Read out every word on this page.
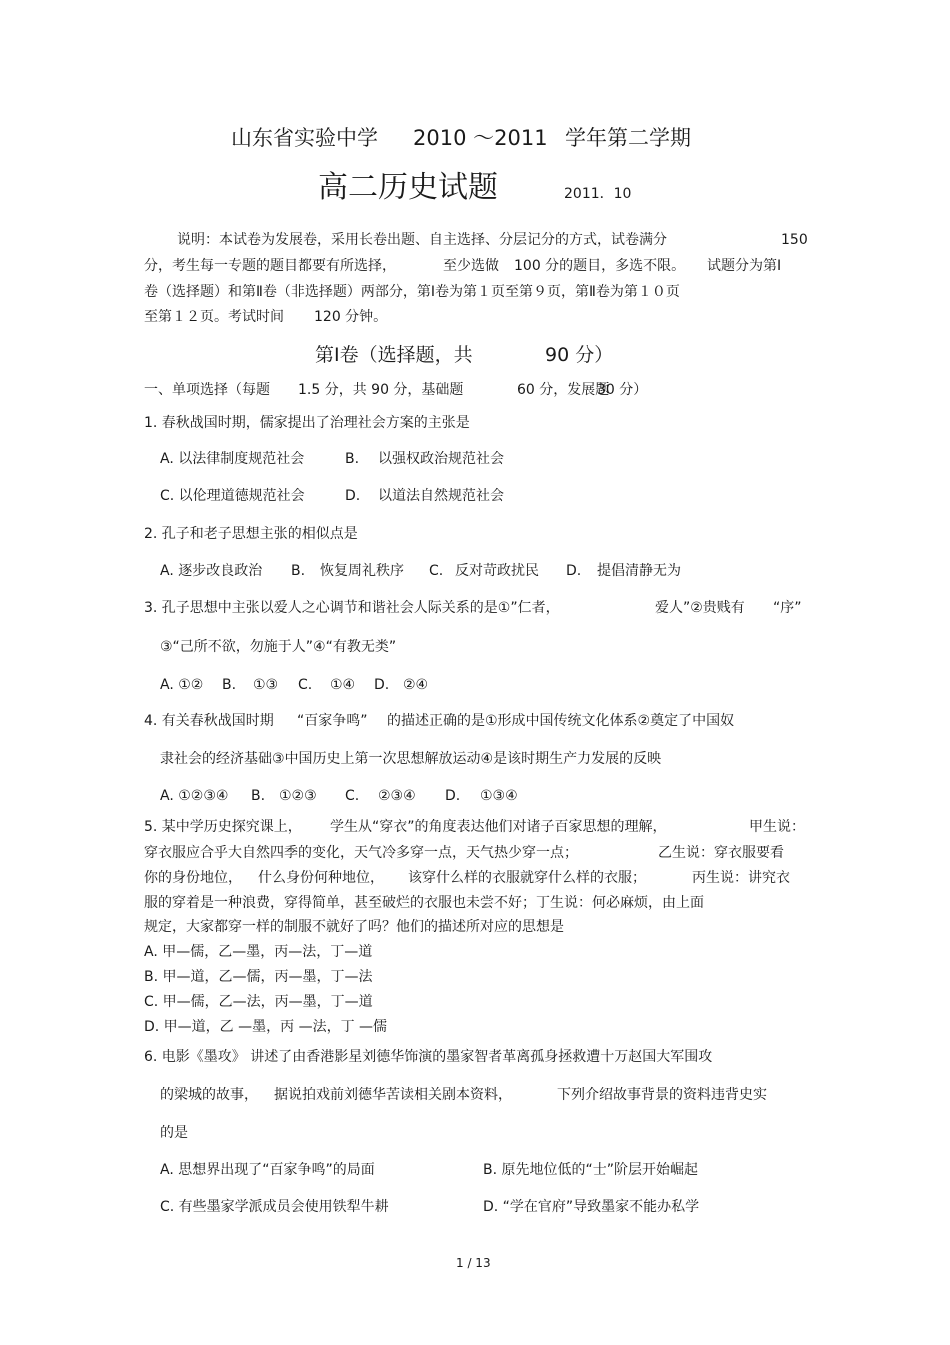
山东省实验中学 2010 ～2011 学年第二学期
高二历史试题	2011．10
说明：本试卷为发展卷，采用长卷出题、自主选择、分层记分的方式，试卷满分	150
分，考生每一专题的题目都要有所选择，	至少选做 100 分的题目，多选不限。 试题分为第Ⅰ
卷（选择题）和第Ⅱ卷（非选择题）两部分，第Ⅰ卷为第１页至第９页，第Ⅱ卷为第１０页
至第１２页。考试时间 120 分钟。
第Ⅰ卷（选择题，共	90 分）
一、单项选择（每题 1.5 分，共 90 分，基础题	60 分，发展题
30 分）
1. 春秋战国时期，儒家提出了治理社会方案的主张是
A. 以法律制度规范社会	B. 以强权政治规范社会
C. 以伦理道德规范社会	D. 以道法自然规范社会
2. 孔子和老子思想主张的相似点是
A. 逐步改良政治 B. 恢复周礼秩序 C. 反对苛政扰民 D. 提倡清静无为
3. 孔子思想中主张以爱人之心调节和谐社会人际关系的是①”仁者，	爱人”②贵贱有 “序”
③“己所不欲，勿施于人”④“有教无类”
A. ①② B. ①③ C. ①④ D. ②④
4. 有关春秋战国时期 “百家争鸣” 的描述正确的是①形成中国传统文化体系②奠定了中国奴
隶社会的经济基础③中国历史上第一次思想解放运动④是该时期生产力发展的反映
A. ①②③④ B. ①②③ C. ②③④ D. ①③④
5. 某中学历史探究课上， 学生从“穿衣”的角度表达他们对诸子百家思想的理解，	甲生说：
穿衣服应合乎大自然四季的变化，天气冷多穿一点，天气热少穿一点；	乙生说：穿衣服要看
你的身份地位， 什么身份何种地位， 该穿什么样的衣服就穿什么样的衣服；	丙生说：讲究衣
服的穿着是一种浪费，穿得简单，甚至破烂的衣服也未尝不好；丁生说：何必麻烦，由上面
规定，大家都穿一样的制服不就好了吗？他们的描述所对应的思想是
A. 甲—儒，乙—墨，丙—法，丁—道
B. 甲—道，乙—儒，丙—墨，丁—法
C. 甲—儒，乙—法，丙—墨，丁—道
D. 甲—道，乙 —墨，丙 —法，丁 —儒
6. 电影《墨攻》 讲述了由香港影星刘德华饰演的墨家智者革离孤身拯救遭十万赵国大军围攻
的梁城的故事， 据说拍戏前刘德华苦读相关剧本资料，	下列介绍故事背景的资料违背史实
的是
A. 思想界出现了“百家争鸣”的局面	B. 原先地位低的“士”阶层开始崛起
C. 有些墨家学派成员会使用铁犁牛耕	D. “学在官府”导致墨家不能办私学
1 / 13
